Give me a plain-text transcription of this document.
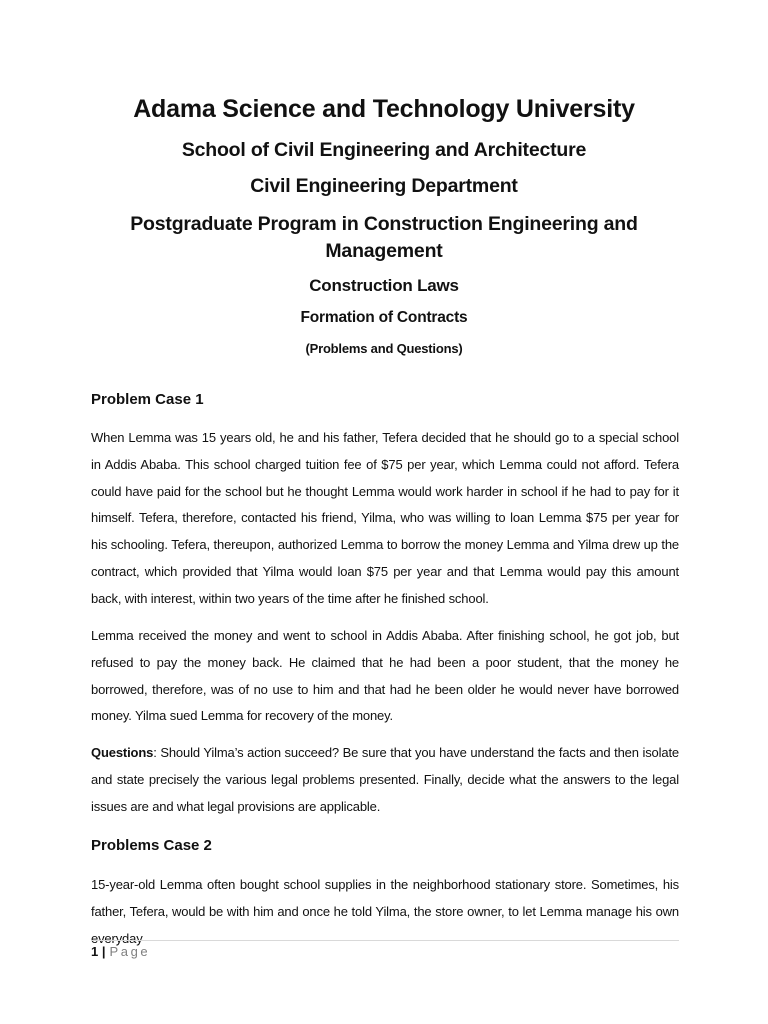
Adama Science and Technology University
School of Civil Engineering and Architecture
Civil Engineering Department
Postgraduate Program in Construction Engineering and Management
Construction Laws
Formation of Contracts
(Problems and Questions)
Problem Case 1
When Lemma was 15 years old, he and his father, Tefera decided that he should go to a special school in Addis Ababa. This school charged tuition fee of $75 per year, which Lemma could not afford. Tefera could have paid for the school but he thought Lemma would work harder in school if he had to pay for it himself. Tefera, therefore, contacted his friend, Yilma, who was willing to loan Lemma $75 per year for his schooling. Tefera, thereupon, authorized Lemma to borrow the money Lemma and Yilma drew up the contract, which provided that Yilma would loan $75 per year and that Lemma would pay this amount back, with interest, within two years of the time after he finished school.
Lemma received the money and went to school in Addis Ababa. After finishing school, he got job, but refused to pay the money back. He claimed that he had been a poor student, that the money he borrowed, therefore, was of no use to him and that had he been older he would never have borrowed money. Yilma sued Lemma for recovery of the money.
Questions: Should Yilma’s action succeed? Be sure that you have understand the facts and then isolate and state precisely the various legal problems presented. Finally, decide what the answers to the legal issues are and what legal provisions are applicable.
Problems Case 2
15-year-old Lemma often bought school supplies in the neighborhood stationary store. Sometimes, his father, Tefera, would be with him and once he told Yilma, the store owner, to let Lemma manage his own everyday
1 | Page
